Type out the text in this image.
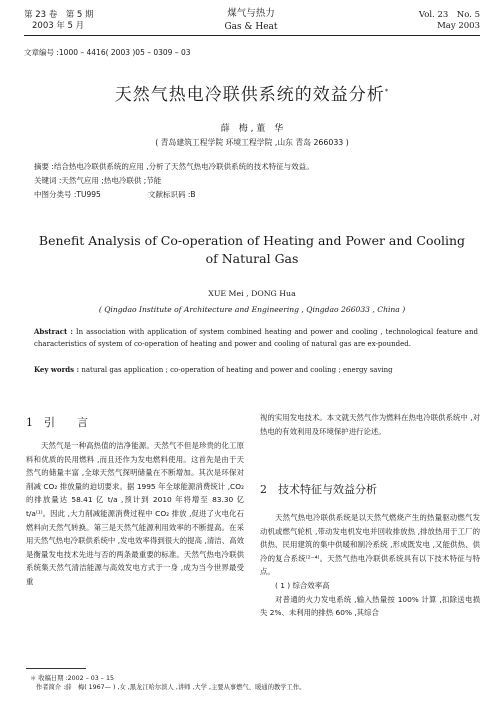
第 23 卷　第 5 期
2003 年 5 月
煤气与热力
Gas & Heat
Vol. 23　No. 5
May 2003
文章编号 :1000 – 4416( 2003 )05 – 0309 – 03
天然气热电冷联供系统的效益分析*
薛　梅 , 董　华
( 青岛建筑工程学院 环境工程学院 ,山东 青岛 266033 )
摘要 :结合热电冷联供系统的应用 ,分析了天然气热电冷联供系统的技术特征与效益。
关键词 :天然气应用 ;热电冷联供 ;节能
中图分类号 :TU995	文献标识码 :B
Benefit Analysis of Co-operation of Heating and Power and Cooling
of Natural Gas
XUE Mei , DONG Hua
( Qingdao Institute of Architecture and Engineering , Qingdao 266033 , China )
Abstract : In association with application of system combined heating and power and cooling , technological feature and characteristics of system of co-operation of heating and power and cooling of natural gas are ex-pounded.
Key words : natural gas application ; co-operation of heating and power and cooling ; energy saving
1  引　　言

天然气是一种高热值的洁净能源。天然气不但是珍贵的化工原料和优质的民用燃料 ,而且还作为发电燃料使用。这首先是由于天然气的储量丰富 ,全球天然气探明储量在不断增加。其次是环保对削减 CO₂ 排放量的迫切要求。据 1995 年全球能源消费统计 ,CO₂ 的排放量达 58.41 亿 t/a ,预计到 2010 年将增至 83.30 亿 t/a⁽¹⁾。因此 ,大力削减能源消费过程中 CO₂ 排放 ,促进了火电化石燃料向天然气转换。第三是天然气能源利用效率的不断提高。在采用天然气热电冷联供系统中 ,发电效率得到很大的提高 ,清洁、高效是衡量发电技术先进与否的两条最重要的标准。天然气热电冷联供系统集天然气清洁能源与高效发电方式于一身 ,成为当今世界最受重

视的实用发电技术。本文就天然气作为燃料在热电冷联供系统中 ,对热电的有效利用及环境保护进行论述。

2  技术特征与效益分析

天然气热电冷联供系统是以天然气燃烧产生的热量驱动燃气发动机或燃气轮机 ,带动发电机发电并回收排放热 ,排放热用于工厂的供热、民用建筑的集中供暖和制冷系统 ,形成既发电 ,又能供热、供冷的复合系统⁽²⁻⁴⁾。天然气热电冷联供系统具有以下技术特征与特点。

( 1 ) 综合效率高

对普通的火力发电系统 ,输入热量按 100% 计算 ,扣除送电损失 2%、未利用的排热 60% ,其综合

＊ 收稿日期 :2002 – 03 – 15
作者简介 :薛　梅( 1967— ) ,女 ,黑龙江哈尔滨人 ,讲师 ,大学 ,主要从事燃气、暖通的教学工作。
